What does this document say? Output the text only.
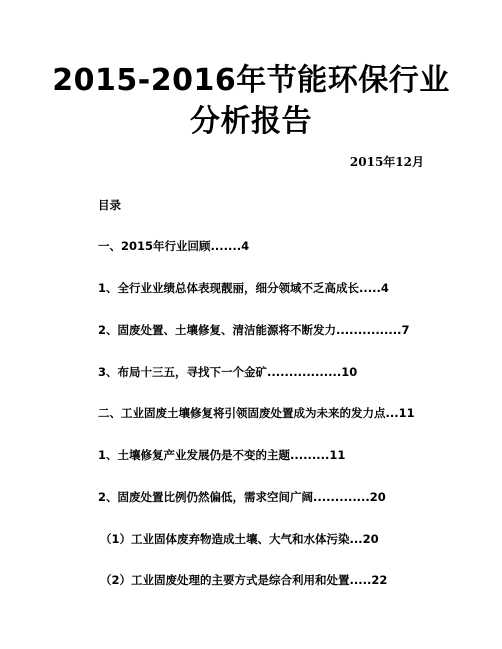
2015-2016年节能环保行业
分析报告
2015年12月
目录
一、2015年行业回顾.......4
1、全行业业绩总体表现靓丽，细分领域不乏高成长.....4
2、固废处置、土壤修复、清洁能源将不断发力...............7
3、布局十三五，寻找下一个金矿.................10
二、工业固废土壤修复将引领固废处置成为未来的发力点...11
1、土壤修复产业发展仍是不变的主题.........11
2、固废处置比例仍然偏低，需求空间广阔.............20
（1）工业固体废弃物造成土壤、大气和水体污染...20
（2）工业固废处理的主要方式是综合利用和处置.....22
